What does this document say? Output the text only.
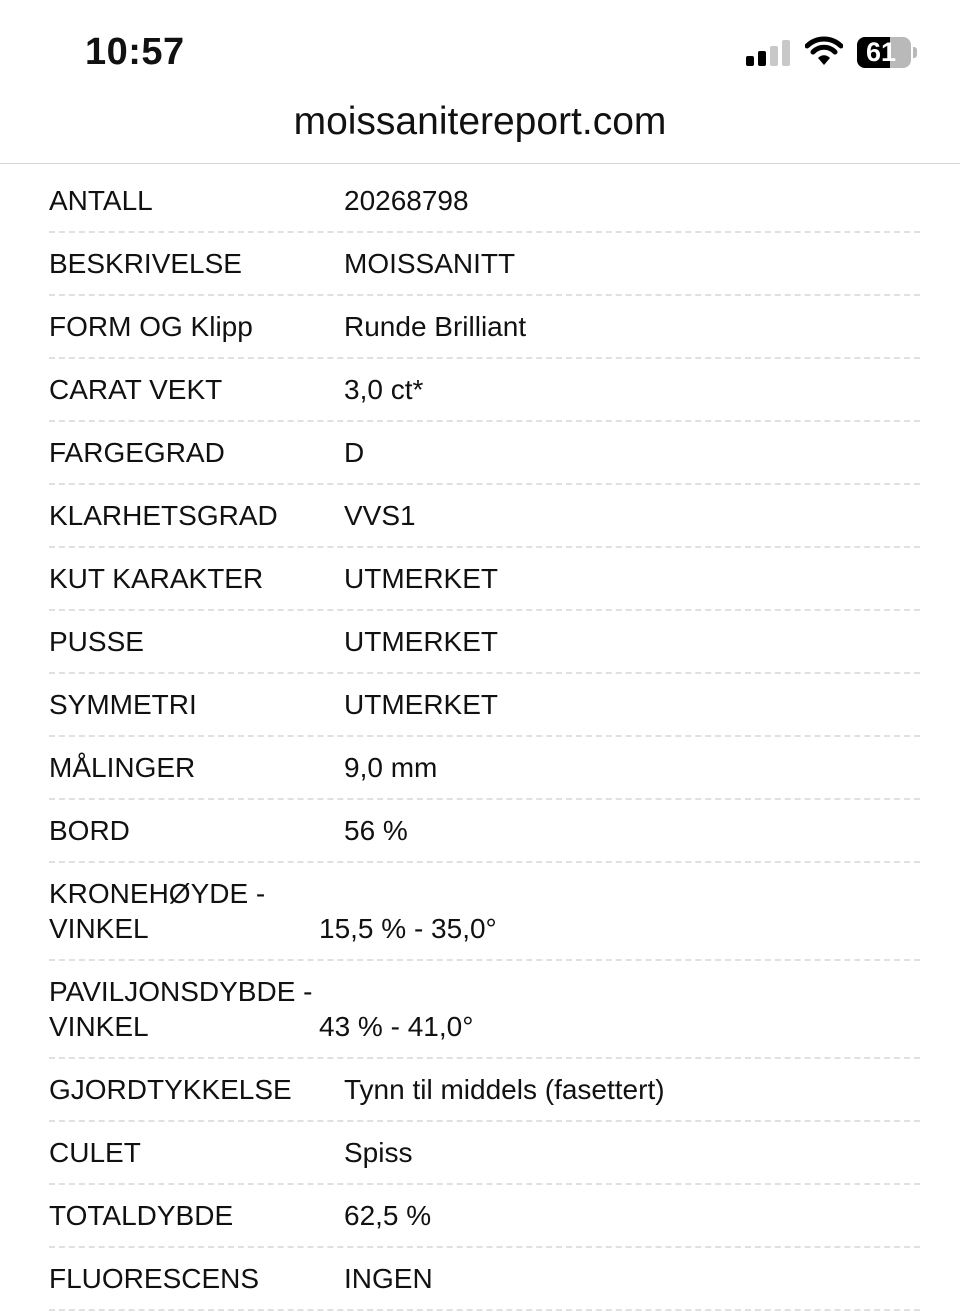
10:57	61
moissanitereport.com
ANTALL	20268798
BESKRIVELSE	MOISSANITT
FORM OG Klipp	Runde Brilliant
CARAT VEKT	3,0 ct*
FARGEGRAD	D
KLARHETSGRAD	VVS1
KUT KARAKTER	UTMERKET
PUSSE	UTMERKET
SYMMETRI	UTMERKET
MÅLINGER	9,0 mm
BORD	56 %
KRONEHØYDE - VINKEL	15,5 % - 35,0°
PAVILJONSDYBDE - VINKEL	43 % - 41,0°
GJORDTYKKELSE	Tynn til middels (fasettert)
CULET	Spiss
TOTALDYBDE	62,5 %
FLUORESCENS	INGEN
